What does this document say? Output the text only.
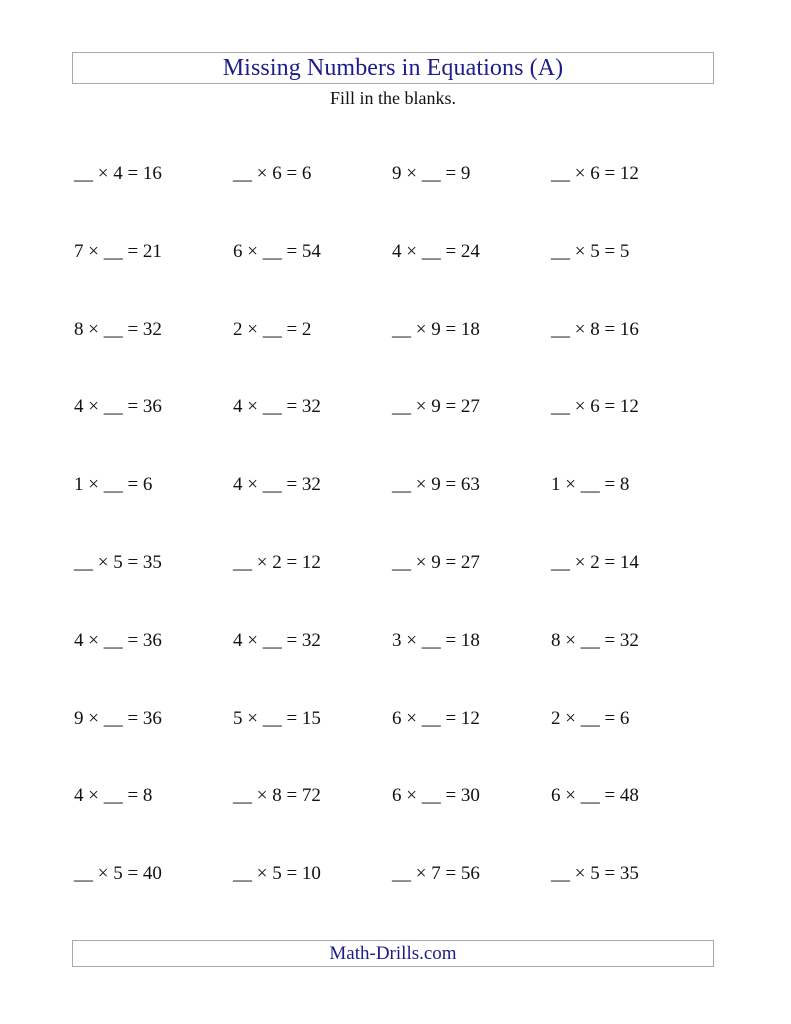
Missing Numbers in Equations (A)
Fill in the blanks.
__ × 4 = 16	__ × 6 = 6	9 × __ = 9	__ × 6 = 12
7 × __ = 21	6 × __ = 54	4 × __ = 24	__ × 5 = 5
8 × __ = 32	2 × __ = 2	__ × 9 = 18	__ × 8 = 16
4 × __ = 36	4 × __ = 32	__ × 9 = 27	__ × 6 = 12
1 × __ = 6	4 × __ = 32	__ × 9 = 63	1 × __ = 8
__ × 5 = 35	__ × 2 = 12	__ × 9 = 27	__ × 2 = 14
4 × __ = 36	4 × __ = 32	3 × __ = 18	8 × __ = 32
9 × __ = 36	5 × __ = 15	6 × __ = 12	2 × __ = 6
4 × __ = 8	__ × 8 = 72	6 × __ = 30	6 × __ = 48
__ × 5 = 40	__ × 5 = 10	__ × 7 = 56	__ × 5 = 35
Math-Drills.com
